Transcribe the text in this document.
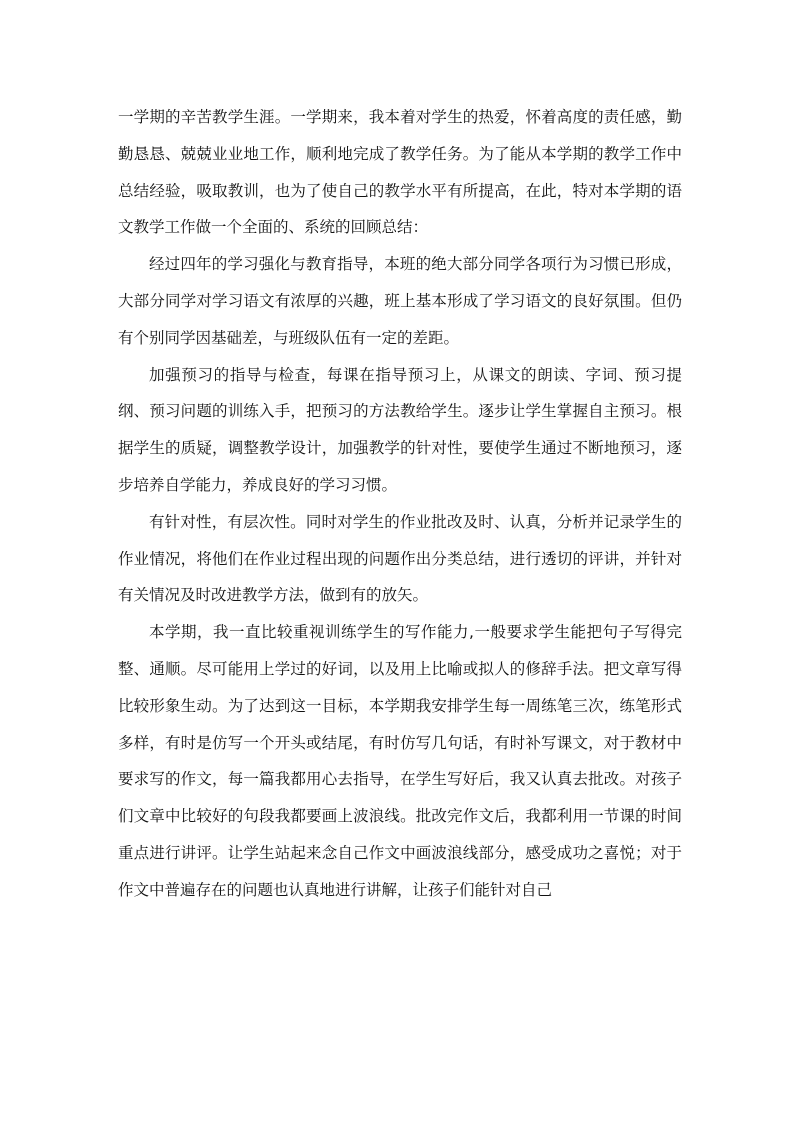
一学期的辛苦教学生涯。一学期来，我本着对学生的热爱，怀着高度的责任感，勤勤恳恳、兢兢业业地工作，顺利地完成了教学任务。为了能从本学期的教学工作中总结经验，吸取教训，也为了使自己的教学水平有所提高，在此，特对本学期的语文教学工作做一个全面的、系统的回顾总结：

经过四年的学习强化与教育指导，本班的绝大部分同学各项行为习惯已形成，大部分同学对学习语文有浓厚的兴趣，班上基本形成了学习语文的良好氛围。但仍有个别同学因基础差，与班级队伍有一定的差距。

加强预习的指导与检查，每课在指导预习上，从课文的朗读、字词、预习提纲、预习问题的训练入手，把预习的方法教给学生。逐步让学生掌握自主预习。根据学生的质疑，调整教学设计，加强教学的针对性，要使学生通过不断地预习，逐步培养自学能力，养成良好的学习习惯。

有针对性，有层次性。同时对学生的作业批改及时、认真，分析并记录学生的作业情况，将他们在作业过程出现的问题作出分类总结，进行透切的评讲，并针对有关情况及时改进教学方法，做到有的放矢。

本学期，我一直比较重视训练学生的写作能力,一般要求学生能把句子写得完整、通顺。尽可能用上学过的好词，以及用上比喻或拟人的修辞手法。把文章写得比较形象生动。为了达到这一目标，本学期我安排学生每一周练笔三次，练笔形式多样，有时是仿写一个开头或结尾，有时仿写几句话，有时补写课文，对于教材中要求写的作文，每一篇我都用心去指导，在学生写好后，我又认真去批改。对孩子们文章中比较好的句段我都要画上波浪线。批改完作文后，我都利用一节课的时间重点进行讲评。让学生站起来念自己作文中画波浪线部分，感受成功之喜悦；对于作文中普遍存在的问题也认真地进行讲解，让孩子们能针对自己
